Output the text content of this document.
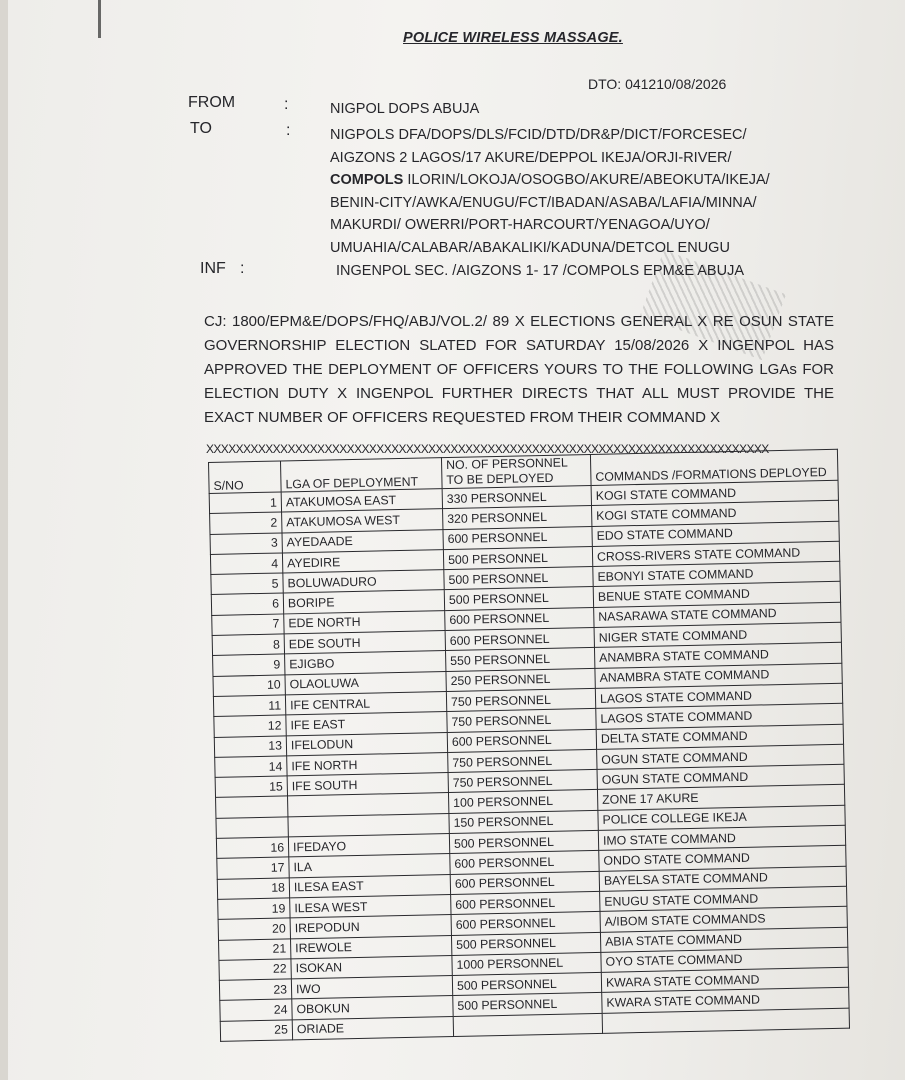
POLICE WIRELESS MASSAGE.
DTO: 041210/08/2026
FROM	:	NIGPOL DOPS ABUJA
TO	:	NIGPOLS DFA/DOPS/DLS/FCID/DTD/DR&P/DICT/FORCESEC/
AIGZONS 2 LAGOS/17 AKURE/DEPPOL IKEJA/ORJI-RIVER/
COMPOLS ILORIN/LOKOJA/OSOGBO/AKURE/ABEOKUTA/IKEJA/
BENIN-CITY/AWKA/ENUGU/FCT/IBADAN/ASABA/LAFIA/MINNA/
MAKURDI/ OWERRI/PORT-HARCOURT/YENAGOA/UYO/
UMUAHIA/CALABAR/ABAKALIKI/KADUNA/DETCOL ENUGU
INF :	INGENPOL SEC. /AIGZONS 1- 17 /COMPOLS EPM&E ABUJA
CJ: 1800/EPM&E/DOPS/FHQ/ABJ/VOL.2/ 89 X ELECTIONS GENERAL X RE OSUN STATE GOVERNORSHIP ELECTION SLATED FOR SATURDAY 15/08/2026 X INGENPOL HAS APPROVED THE DEPLOYMENT OF OFFICERS YOURS TO THE FOLLOWING LGAs FOR ELECTION DUTY X INGENPOL FURTHER DIRECTS THAT ALL MUST PROVIDE THE EXACT NUMBER OF OFFICERS REQUESTED FROM THEIR COMMAND X
XXXXXXXXXXXXXXXXXXXXXXXXXXXXXXXXXXXXXXXXXXXXXXXXXXXXXXXXXXXXXXXXXXXXXXXXXXXX
S/NO	LGA OF DEPLOYMENT	NO. OF PERSONNEL TO BE DEPLOYED	COMMANDS /FORMATIONS DEPLOYED
1	ATAKUMOSA EAST	330 PERSONNEL	KOGI STATE COMMAND
2	ATAKUMOSA WEST	320 PERSONNEL	KOGI STATE COMMAND
3	AYEDAADE	600 PERSONNEL	EDO STATE COMMAND
4	AYEDIRE	500 PERSONNEL	CROSS-RIVERS STATE COMMAND
5	BOLUWADURO	500 PERSONNEL	EBONYI STATE COMMAND
6	BORIPE	500 PERSONNEL	BENUE STATE COMMAND
7	EDE NORTH	600 PERSONNEL	NASARAWA STATE COMMAND
8	EDE SOUTH	600 PERSONNEL	NIGER STATE COMMAND
9	EJIGBO	550 PERSONNEL	ANAMBRA STATE COMMAND
10	OLAOLUWA	250 PERSONNEL	ANAMBRA STATE COMMAND
11	IFE CENTRAL	750 PERSONNEL	LAGOS STATE COMMAND
12	IFE EAST	750 PERSONNEL	LAGOS STATE COMMAND
13	IFELODUN	600 PERSONNEL	DELTA STATE COMMAND
14	IFE NORTH	750 PERSONNEL	OGUN STATE COMMAND
15	IFE SOUTH	750 PERSONNEL	OGUN STATE COMMAND
		100 PERSONNEL	ZONE 17 AKURE
		150 PERSONNEL	POLICE COLLEGE IKEJA
16	IFEDAYO	500 PERSONNEL	IMO STATE COMMAND
17	ILA	600 PERSONNEL	ONDO STATE COMMAND
18	ILESA EAST	600 PERSONNEL	BAYELSA STATE COMMAND
19	ILESA WEST	600 PERSONNEL	ENUGU STATE COMMAND
20	IREPODUN	600 PERSONNEL	A/IBOM STATE COMMANDS
21	IREWOLE	500 PERSONNEL	ABIA STATE COMMAND
22	ISOKAN	1000 PERSONNEL	OYO STATE COMMAND
23	IWO	500 PERSONNEL	KWARA STATE COMMAND
24	OBOKUN	500 PERSONNEL	KWARA STATE COMMAND
25	ORIADE		
